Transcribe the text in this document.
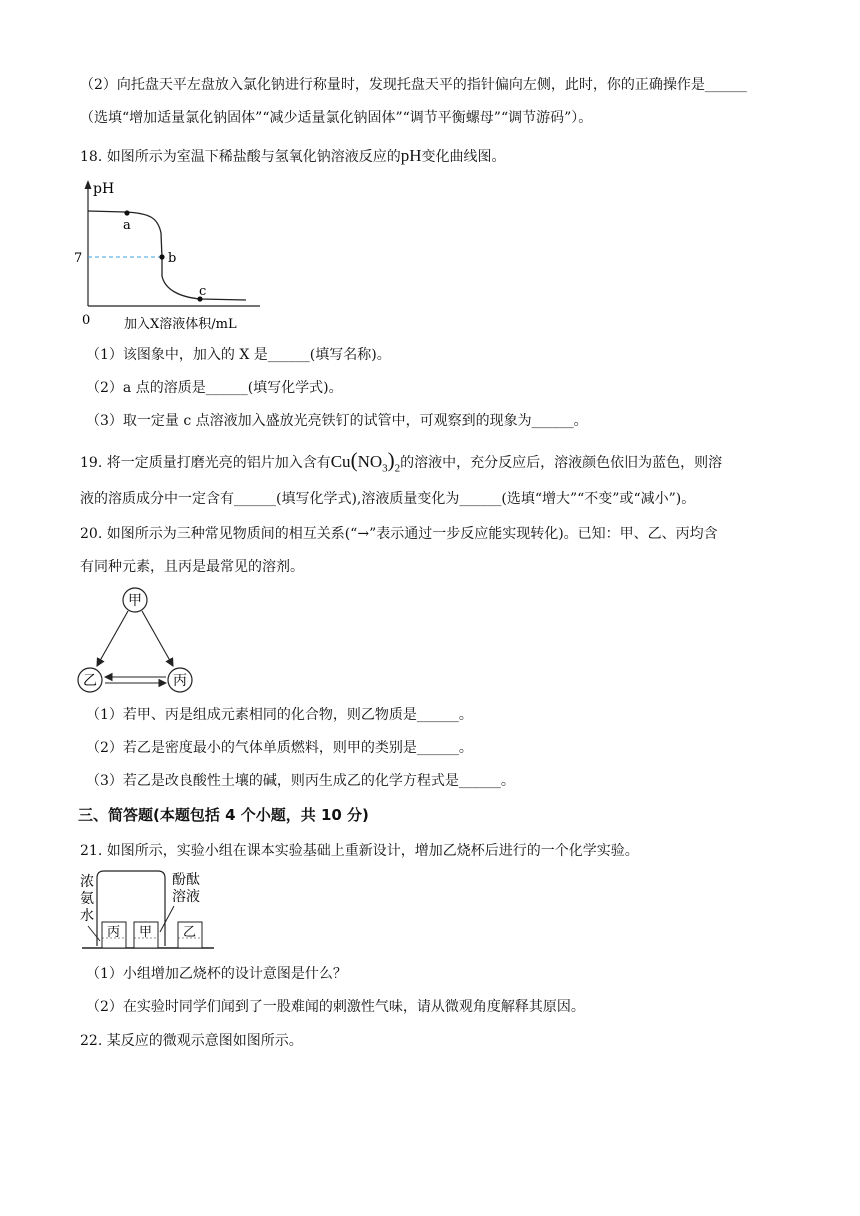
（2）向托盘天平左盘放入氯化钠进行称量时，发现托盘天平的指针偏向左侧，此时，你的正确操作是______
（选填“增加适量氯化钠固体”“减少适量氯化钠固体”“调节平衡螺母”“调节游码”）。
18. 如图所示为室温下稀盐酸与氢氧化钠溶液反应的pH变化曲线图。
pH
7
0	加入X溶液体积/mL
a
b
c
（1）该图象中，加入的 X 是______(填写名称)。
（2）a 点的溶质是______(填写化学式)。
（3）取一定量 c 点溶液加入盛放光亮铁钉的试管中，可观察到的现象为______。
19. 将一定质量打磨光亮的铝片加入含有$Cu(NO_3)_2$的溶液中，充分反应后，溶液颜色依旧为蓝色，则溶
液的溶质成分中一定含有______(填写化学式),溶液质量变化为______(选填“增大”“不变”或“减小”)。
20. 如图所示为三种常见物质间的相互关系(“→”表示通过一步反应能实现转化)。已知：甲、乙、丙均含
有同种元素，且丙是最常见的溶剂。
甲
乙	丙
（1）若甲、丙是组成元素相同的化合物，则乙物质是______。
（2）若乙是密度最小的气体单质燃料，则甲的类别是______。
（3）若乙是改良酸性土壤的碱，则丙生成乙的化学方程式是______。
三、简答题(本题包括 4 个小题，共 10 分)
21. 如图所示，实验小组在课本实验基础上重新设计，增加乙烧杯后进行的一个化学实验。
浓
氨
水
酚酞
溶液
丙 甲 乙
（1）小组增加乙烧杯的设计意图是什么？
（2）在实验时同学们闻到了一股难闻的刺激性气味，请从微观角度解释其原因。
22. 某反应的微观示意图如图所示。
